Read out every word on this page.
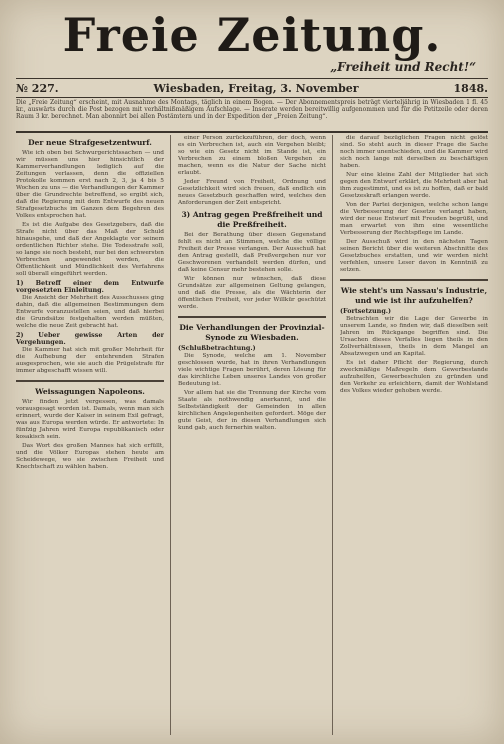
Freie Zeitung.
„Freiheit und Recht!“
№ 227.	Wiesbaden, Freitag, 3. November	1848.
Die „Freie Zeitung“ erscheint, mit Ausnahme des Montags, täglich in einem Bogen. — Der Abonnementspreis beträgt vierteljährig in Wiesbaden 1 fl. 45 kr., auswärts durch die Post bezogen mit verhältnißmäßigem Aufschlage. — Inserate werden bereitwillig aufgenommen und für die Petitzeile oder deren Raum 3 kr. berechnet. Man abonnirt bei allen Postämtern und in der Expedition der „Freien Zeitung“.
Der neue Strafgesetzentwurf.

Wie ich oben bei Schwurgerichtssachen — und wir müssen uns hier hinsichtlich der Kammerverhandlungen lediglich auf die Zeitungen verlassen, denn die offiziellen Protokolle kommen erst nach 2, 3, ja 4 bis 5 Wochen zu uns — die Verhandlungen der Kammer über die Grundrechte betreffend, so ergibt sich, daß die Regierung mit dem Entwurfe des neuen Strafgesetzbuchs im Ganzen dem Begehren des Volkes entsprochen hat.

Es ist die Aufgabe des Gesetzgebers, daß die Strafe nicht über das Maß der Schuld hinausgehe, und daß der Angeklagte vor seinem ordentlichen Richter stehe. Die Todesstrafe soll, so lange sie noch besteht, nur bei den schwersten Verbrechen angewendet werden, die Öffentlichkeit und Mündlichkeit des Verfahrens soll überall eingeführt werden.

1) Betreff einer dem Entwurfe vorgesetzten Einleitung.

Die Ansicht der Mehrheit des Ausschusses ging dahin, daß die allgemeinen Bestimmungen dem Entwurfe voranzustellen seien, und daß hierbei die Grundsätze festgehalten werden müßten, welche die neue Zeit gebracht hat.

2) Ueber gewisse Arten der Vergehungen.

Die Kammer hat sich mit großer Mehrheit für die Aufhebung der entehrenden Strafen ausgesprochen, wie sie auch die Prügelstrafe für immer abgeschafft wissen will.

Weissagungen Napoleons.

Wir finden jetzt vergessen, was damals vorausgesagt worden ist. Damals, wenn man sich erinnert, wurde der Kaiser in seinem Exil gefragt, was aus Europa werden würde. Er antwortete: In fünfzig Jahren wird Europa republikanisch oder kosakisch sein.

Das Wort des großen Mannes hat sich erfüllt, und die Völker Europas stehen heute am Scheidewege, wo sie zwischen Freiheit und Knechtschaft zu wählen haben.

einer Person zurückzuführen, der doch, wenn es ein Verbrechen ist, auch ein Vergehen bleibt; so wie ein Gesetz nicht im Stande ist, ein Verbrechen zu einem bloßen Vergehen zu machen, wenn es die Natur der Sache nicht erlaubt.

Jeder Freund von Freiheit, Ordnung und Gesetzlichkeit wird sich freuen, daß endlich ein neues Gesetzbuch geschaffen wird, welches den Anforderungen der Zeit entspricht.

3) Antrag gegen Preßfreiheit und die Preßfreiheit.

Bei der Berathung über diesen Gegenstand fehlt es nicht an Stimmen, welche die völlige Freiheit der Presse verlangen. Der Ausschuß hat den Antrag gestellt, daß Preßvergehen nur vor Geschworenen verhandelt werden dürfen, und daß keine Censur mehr bestehen solle.

Wir können nur wünschen, daß diese Grundsätze zur allgemeinen Geltung gelangen, und daß die Presse, als die Wächterin der öffentlichen Freiheit, vor jeder Willkür geschützt werde.

Die Verhandlungen der Provinzial-Synode zu Wiesbaden.
(Schlußbetrachtung.)

Die Synode, welche am 1. November geschlossen wurde, hat in ihren Verhandlungen viele wichtige Fragen berührt, deren Lösung für das kirchliche Leben unseres Landes von großer Bedeutung ist.

Vor allem hat sie die Trennung der Kirche vom Staate als nothwendig anerkannt, und die Selbstständigkeit der Gemeinden in allen kirchlichen Angelegenheiten gefordert. Möge der gute Geist, der in diesen Verhandlungen sich kund gab, auch fernerhin walten.

die darauf bezüglichen Fragen nicht gelöst sind. So steht auch in dieser Frage die Sache noch immer unentschieden, und die Kammer wird sich noch lange mit derselben zu beschäftigen haben.

Nur eine kleine Zahl der Mitglieder hat sich gegen den Entwurf erklärt, die Mehrheit aber hat ihm zugestimmt, und es ist zu hoffen, daß er bald Gesetzeskraft erlangen werde.

Von der Partei derjenigen, welche schon lange die Verbesserung der Gesetze verlangt haben, wird der neue Entwurf mit Freuden begrüßt, und man erwartet von ihm eine wesentliche Verbesserung der Rechtspflege im Lande.

Der Ausschuß wird in den nächsten Tagen seinen Bericht über die weiteren Abschnitte des Gesetzbuches erstatten, und wir werden nicht verfehlen, unsere Leser davon in Kenntniß zu setzen.

Wie steht's um Nassau's Industrie, und wie ist ihr aufzuhelfen?
(Fortsetzung.)

Betrachten wir die Lage der Gewerbe in unserem Lande, so finden wir, daß dieselben seit Jahren im Rückgange begriffen sind. Die Ursachen dieses Verfalles liegen theils in den Zollverhältnissen, theils in dem Mangel an Absatzwegen und an Kapital.

Es ist daher Pflicht der Regierung, durch zweckmäßige Maßregeln dem Gewerbestande aufzuhelfen, Gewerbeschulen zu gründen und den Verkehr zu erleichtern, damit der Wohlstand des Volkes wieder gehoben werde.
